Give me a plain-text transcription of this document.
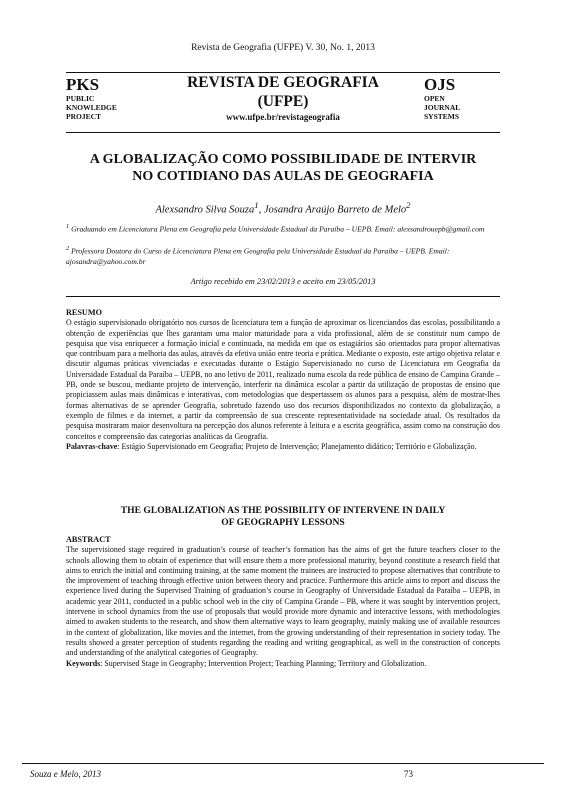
Revista de Geografia (UFPE) V. 30, No. 1, 2013
PKS
PUBLIC
KNOWLEDGE
PROJECT
REVISTA DE GEOGRAFIA
(UFPE)
www.ufpe.br/revistageografia
OJS
OPEN
JOURNAL
SYSTEMS
A GLOBALIZAÇÃO COMO POSSIBILIDADE DE INTERVIR
NO COTIDIANO DAS AULAS DE GEOGRAFIA
Alexsandro Silva Souza$^1$, Josandra Araújo Barreto de Melo$^2$
$^1$ Graduando em Licenciatura Plena em Geografia pela Universidade Estadual da Paraíba – UEPB. Email: alexsandrouepb@gmail.com
$^2$ Professora Doutora do Curso de Licenciatura Plena em Geografia pela Universidade Estadual da Paraíba – UEPB. Email: ajosandra@yahoo.com.br
Artigo recebido em 23/02/2013 e aceito em 23/05/2013
RESUMO
O estágio supervisionado obrigatório nos cursos de licenciatura tem a função de aproximar os licenciandos das escolas, possibilitando a obtenção de experiências que lhes garantam uma maior maturidade para a vida profissional, além de se constituir num campo de pesquisa que visa enriquecer a formação inicial e continuada, na medida em que os estagiários são orientados para propor alternativas que contribuam para a melhoria das aulas, através da efetiva união entre teoria e prática. Mediante o exposto, este artigo objetiva relatar e discutir algumas práticas vivenciadas e executadas durante o Estágio Supervisionado no curso de Licenciatura em Geografia da Universidade Estadual da Paraíba – UEPB, no ano letivo de 2011, realizado numa escola da rede pública de ensino de Campina Grande – PB, onde se buscou, mediante projeto de intervenção, interferir na dinâmica escolar a partir da utilização de propostas de ensino que propiciassem aulas mais dinâmicas e interativas, com metodologias que despertassem os alunos para a pesquisa, além de mostrar-lhes formas alternativas de se aprender Geografia, sobretudo fazendo uso dos recursos disponibilizados no contexto da globalização, a exemplo de filmes e da internet, a partir da compreensão de sua crescente representatividade na sociedade atual. Os resultados da pesquisa mostraram maior desenvoltura na percepção dos alunos referente à leitura e a escrita geográfica, assim como na construção dos conceitos e compreensão das categorias analíticas da Geografia.
Palavras-chave: Estágio Supervisionado em Geografia; Projeto de Intervenção; Planejamento didático; Território e Globalização.
THE GLOBALIZATION AS THE POSSIBILITY OF INTERVENE IN DAILY
OF GEOGRAPHY LESSONS
ABSTRACT
The supervisioned stage required in graduation’s course of teacher’s formation has the aims of get the future teachers closer to the schools allowing them to obtain of experience that will ensure them a more professional maturity, beyond constitute a research field that aims to enrich the initial and continuing training, at the same moment the trainees are instructed to propose alternatives that contribute to the improvement of teaching through effective union between theory and practice. Furthermore this article aims to report and discuss the experience lived during the Supervised Training of graduation’s course in Geography of Universidade Estadual da Paraíba – UEPB, in academic year 2011, conducted in a public school web in the city of Campina Grande – PB, where it was sought by intervention project, intervene in school dynamics from the use of proposals that would provide more dynamic and interactive lessons, with methodologies aimed to awaken students to the research, and show them alternative ways to learn geography, mainly making use of available resources in the context of globalization, like movies and the internet, from the growing understanding of their representation in society today. The results showed a greater perception of students regarding the reading and writing geographical, as well in the construction of concepts and understanding of the analytical categories of Geography.
Keywords: Supervised Stage in Geography; Intervention Project; Teaching Planning; Territory and Globalization.
Souza e Melo, 2013	73
